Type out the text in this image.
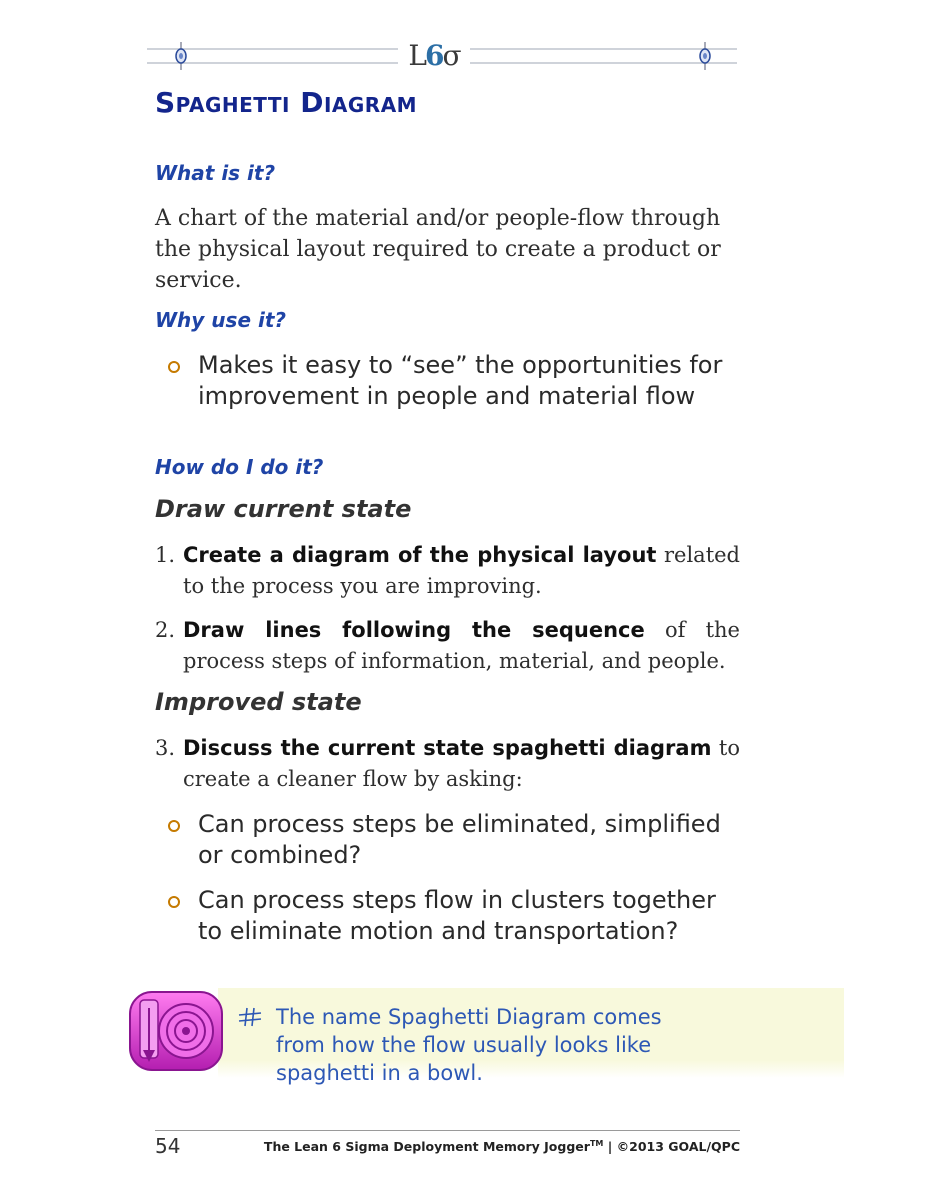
L6σ
Spaghetti Diagram
What is it?

A chart of the material and/or people-flow through the physical layout required to create a product or service.

Why use it?
Makes it easy to “see” the opportunities for improvement in people and material flow
How do I do it?
Draw current state
1. Create a diagram of the physical layout related to the process you are improving.
2. Draw lines following the sequence of the process steps of information, material, and people.
Improved state
3. Discuss the current state spaghetti diagram to create a cleaner flow by asking:
Can process steps be eliminated, simplified or combined?
Can process steps flow in clusters together to eliminate motion and transportation?
The name Spaghetti Diagram comes from how the flow usually looks like spaghetti in a bowl.
54	The Lean 6 Sigma Deployment Memory Jogger™ | ©2013 GOAL/QPC
